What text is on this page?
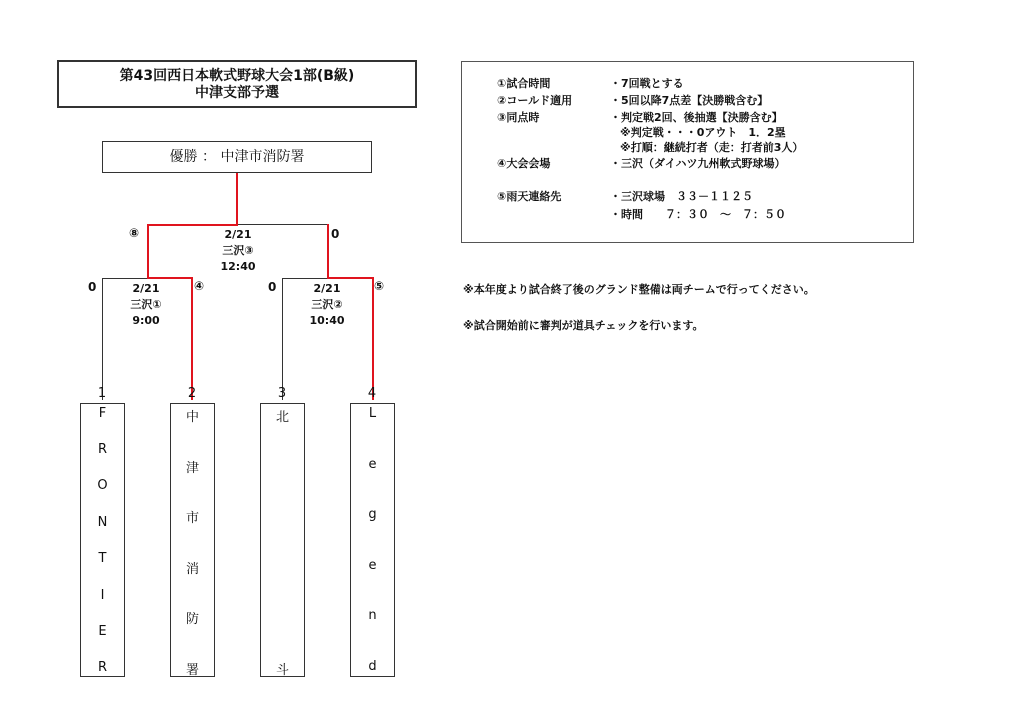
第43回西日本軟式野球大会1部(B級)
中津支部予選
優勝 ： 中津市消防署
①試合時間	・7回戦とする
②コールド適用	・5回以降7点差【決勝戦含む】
③同点時	・判定戦2回、後抽選【決勝含む】
※判定戦・・・0アウト　1．2塁
※打順：継続打者（走：打者前3人）
④大会会場	・三沢（ダイハツ九州軟式野球場）
⑤雨天連絡先	・三沢球場　３３－１１２５
・時間　　７：３０　～　７：５０
※本年度より試合終了後のグランド整備は両チームで行ってください。
※試合開始前に審判が道具チェックを行います。
2/21
三沢③
12:40
⑧	0
2/21
三沢①
9:00
0	④	2/21
三沢②
10:40
0	⑤
1	2	3	4
F
R
O
N
T
I
E
R
中
津
市
消
防
署
北
斗
L
e
g
e
n
d
